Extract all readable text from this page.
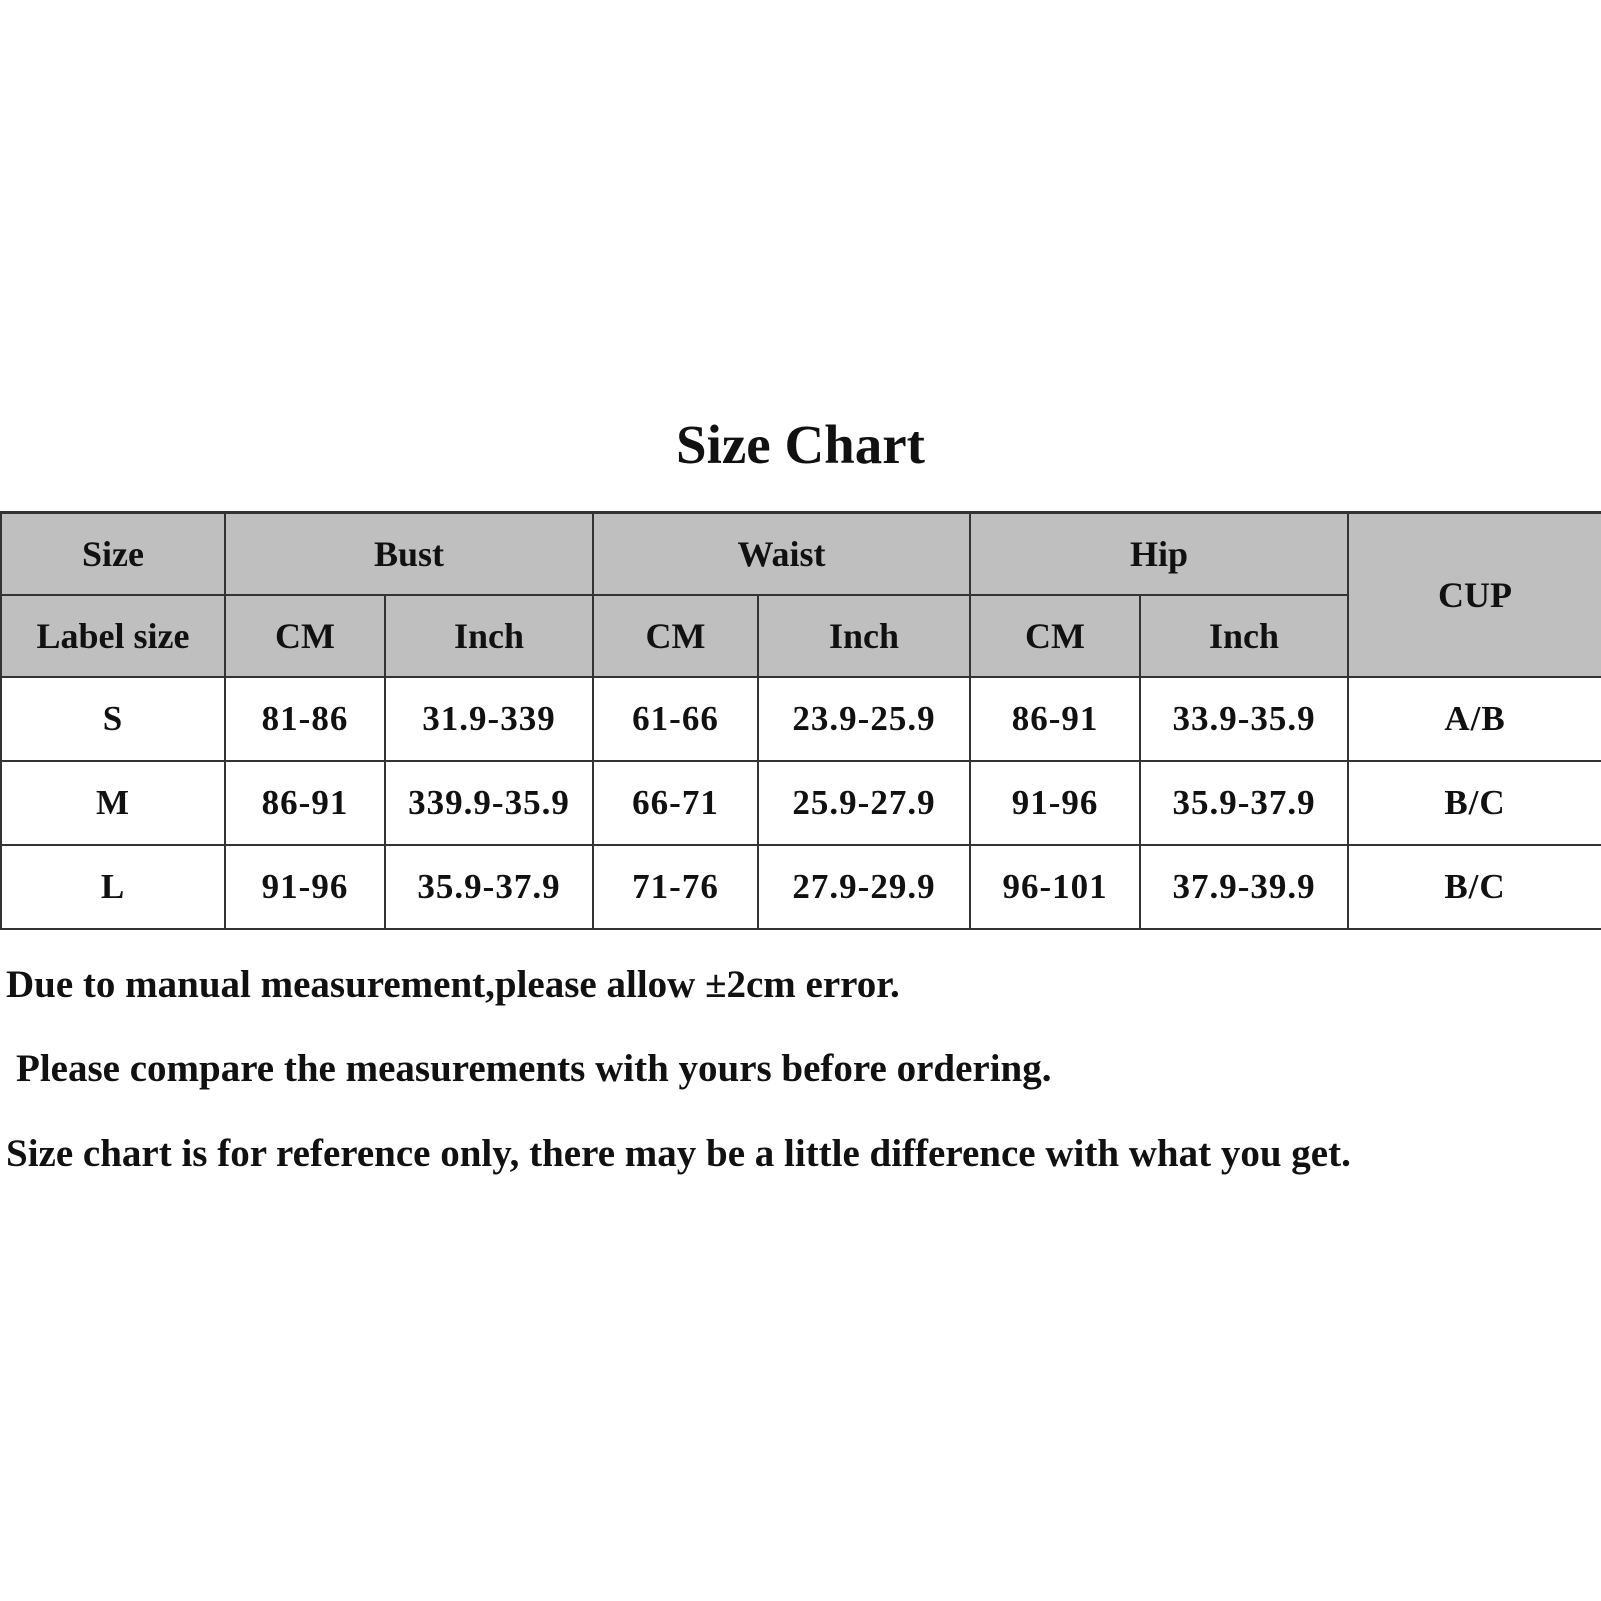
Size Chart
Size	Bust		Waist		Hip		CUP
Label size	CM	Inch	CM	Inch	CM	Inch	
S	81-86	31.9-339	61-66	23.9-25.9	86-91	33.9-35.9	A/B
M	86-91	339.9-35.9	66-71	25.9-27.9	91-96	35.9-37.9	B/C
L	91-96	35.9-37.9	71-76	27.9-29.9	96-101	37.9-39.9	B/C
Due to manual measurement,please allow ±2cm error.
Please compare the measurements with yours before ordering.
Size chart is for reference only, there may be a little difference with what you get.
